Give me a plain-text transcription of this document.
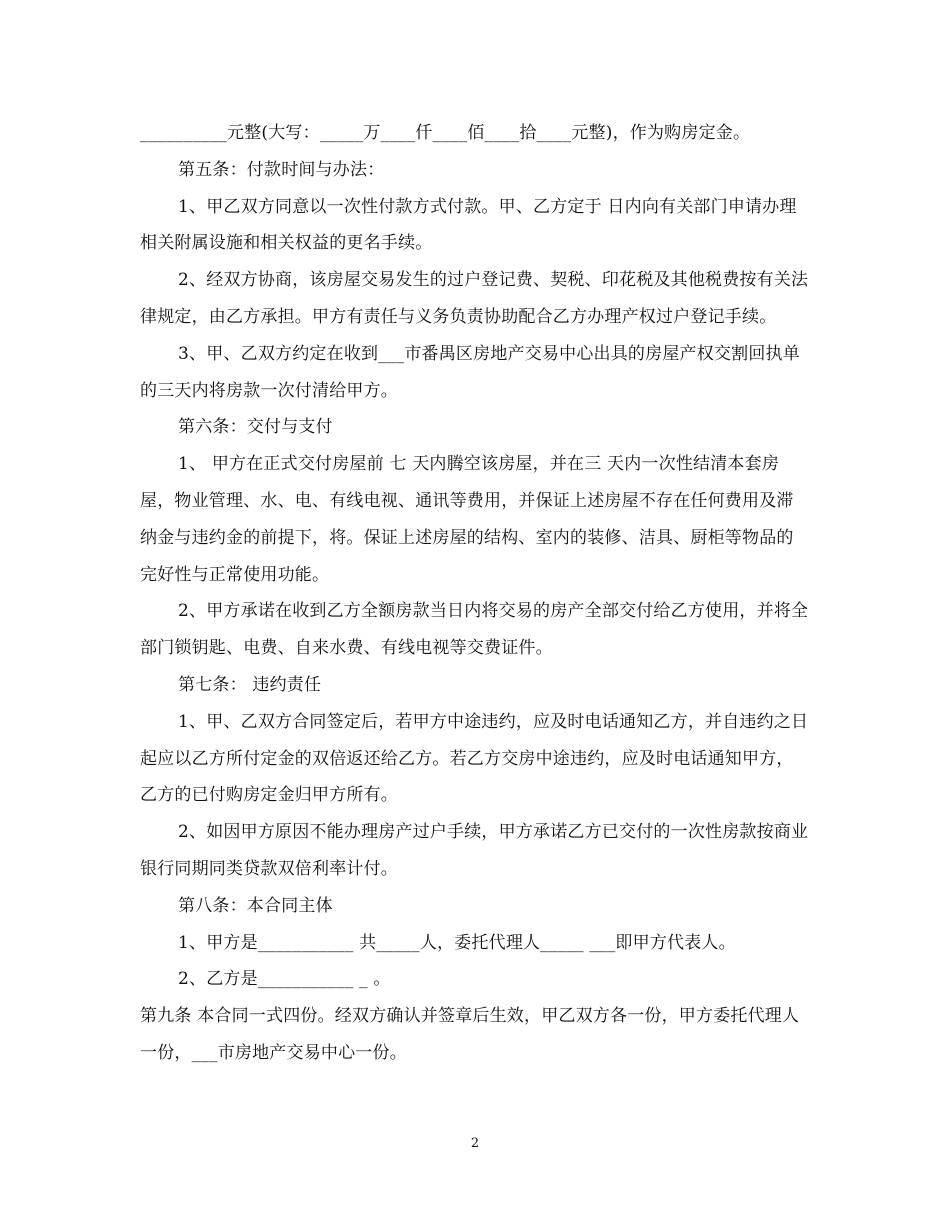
__________元整(大写：_____万____仟____佰____拾____元整)，作为购房定金。

第五条：付款时间与办法：

1、甲乙双方同意以一次性付款方式付款。甲、乙方定于 日内向有关部门申请办理相关附属设施和相关权益的更名手续。

2、经双方协商，该房屋交易发生的过户登记费、契税、印花税及其他税费按有关法律规定，由乙方承担。甲方有责任与义务负责协助配合乙方办理产权过户登记手续。

3、甲、乙双方约定在收到___市番禺区房地产交易中心出具的房屋产权交割回执单的三天内将房款一次付清给甲方。

第六条：交付与支付

1、 甲方在正式交付房屋前 七 天内腾空该房屋，并在三 天内一次性结清本套房屋，物业管理、水、电、有线电视、通讯等费用，并保证上述房屋不存在任何费用及滞纳金与违约金的前提下，将。保证上述房屋的结构、室内的装修、洁具、厨柜等物品的完好性与正常使用功能。

2、甲方承诺在收到乙方全额房款当日内将交易的房产全部交付给乙方使用，并将全部门锁钥匙、电费、自来水费、有线电视等交费证件。

第七条： 违约责任

1、甲、乙双方合同签定后，若甲方中途违约，应及时电话通知乙方，并自违约之日起应以乙方所付定金的双倍返还给乙方。若乙方交房中途违约，应及时电话通知甲方，乙方的已付购房定金归甲方所有。

2、如因甲方原因不能办理房产过户手续，甲方承诺乙方已交付的一次性房款按商业银行同期同类贷款双倍利率计付。

第八条：本合同主体

1、甲方是___________ 共_____人，委托代理人_____ ___即甲方代表人。

2、乙方是___________ _ 。

第九条 本合同一式四份。经双方确认并签章后生效，甲乙双方各一份，甲方委托代理人一份，___市房地产交易中心一份。

2
